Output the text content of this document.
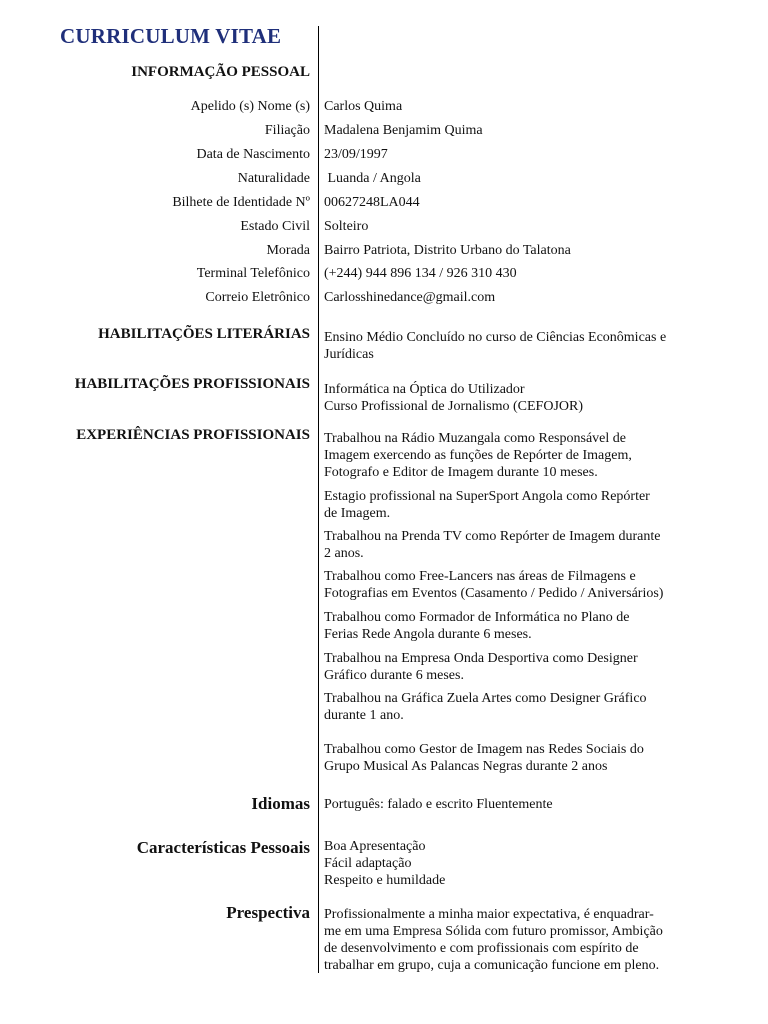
CURRICULUM VITAE
INFORMAÇÃO PESSOAL
Apelido (s) Nome (s) Carlos Quima
Filiação Madalena Benjamim Quima
Data de Nascimento 23/09/1997
Naturalidade Luanda / Angola
Bilhete de Identidade Nº 00627248LA044
Estado Civil Solteiro
Morada Bairro Patriota, Distrito Urbano do Talatona
Terminal Telefônico (+244) 944 896 134 / 926 310 430
Correio Eletrônico Carlosshinedance@gmail.com
HABILITAÇÕES LITERÁRIAS Ensino Médio Concluído no curso de Ciências Econômicas e
Jurídicas
HABILITAÇÕES PROFISSIONAIS Informática na Óptica do Utilizador
Curso Profissional de Jornalismo (CEFOJOR)
EXPERIÊNCIAS PROFISSIONAIS Trabalhou na Rádio Muzangala como Responsável de
Imagem exercendo as funções de Repórter de Imagem,
Fotografo e Editor de Imagem durante 10 meses.
Estagio profissional na SuperSport Angola como Repórter
de Imagem.
Trabalhou na Prenda TV como Repórter de Imagem durante
2 anos.
Trabalhou como Free-Lancers nas áreas de Filmagens e
Fotografias em Eventos (Casamento / Pedido / Aniversários)
Trabalhou como Formador de Informática no Plano de
Ferias Rede Angola durante 6 meses.
Trabalhou na Empresa Onda Desportiva como Designer
Gráfico durante 6 meses.
Trabalhou na Gráfica Zuela Artes como Designer Gráfico
durante 1 ano.
Trabalhou como Gestor de Imagem nas Redes Sociais do
Grupo Musical As Palancas Negras durante 2 anos
Idiomas Português: falado e escrito Fluentemente
Características Pessoais Boa Apresentação
Fácil adaptação
Respeito e humildade
Prespectiva Profissionalmente a minha maior expectativa, é enquadrar-
me em uma Empresa Sólida com futuro promissor, Ambição
de desenvolvimento e com profissionais com espírito de
trabalhar em grupo, cuja a comunicação funcione em pleno.
